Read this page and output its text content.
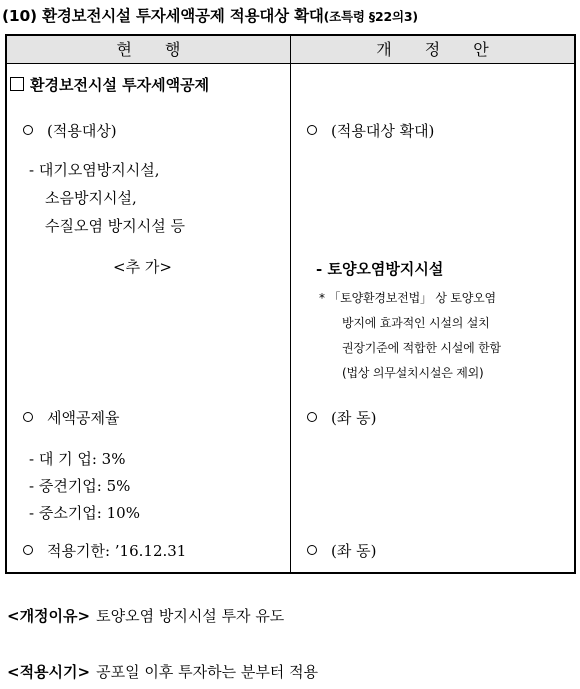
(10) 환경보전시설 투자세액공제 적용대상 확대(조특령 §22의3)
현 행	개 정 안
환경보전시설 투자세액공제
(적용대상)
- 대기오염방지시설,
소음방지시설,
수질오염 방지시설 등
<추 가>
세액공제율
- 대 기 업: 3%
- 중견기업: 5%
- 중소기업: 10%
적용기한: ’16.12.31
(적용대상 확대)
- 토양오염방지시설
* 「토양환경보전법」 상 토양오염
방지에 효과적인 시설의 설치
권장기준에 적합한 시설에 한함
(법상 의무설치시설은 제외)
(좌 동)
(좌 동)
<개정이유> 토양오염 방지시설 투자 유도
<적용시기> 공포일 이후 투자하는 분부터 적용
